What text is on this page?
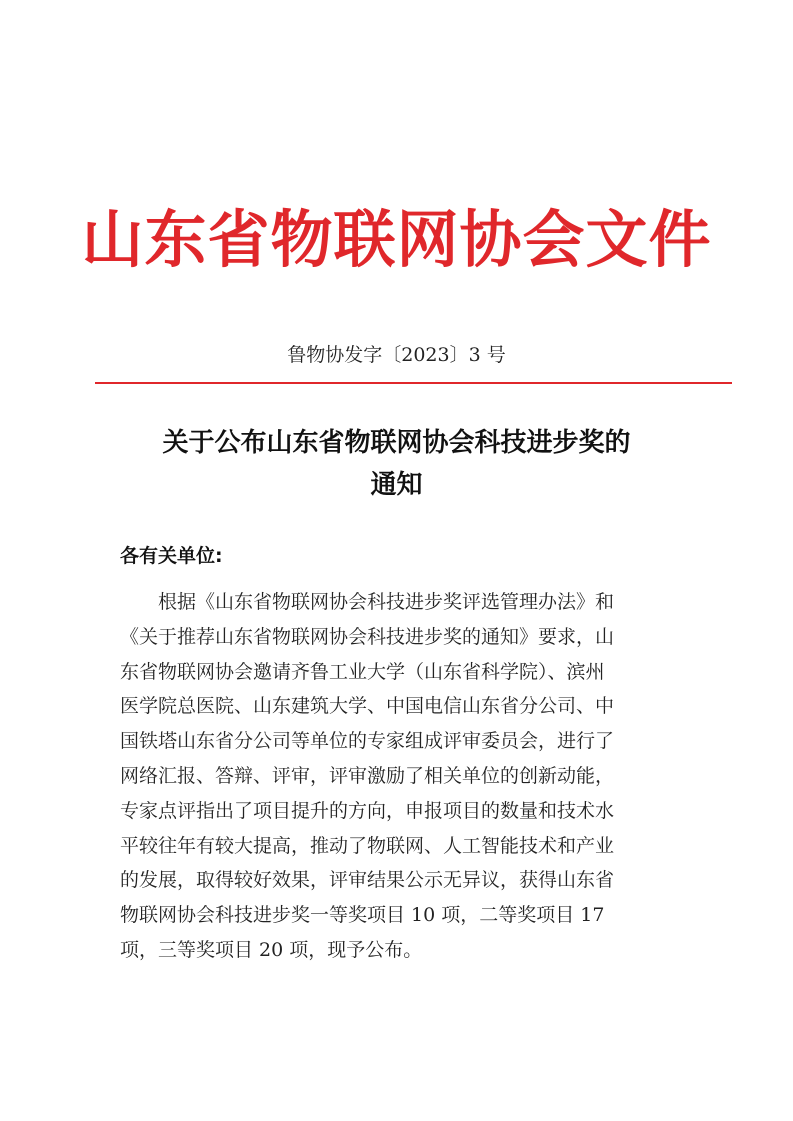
山东省物联网协会文件
鲁物协发字〔2023〕3 号
关于公布山东省物联网协会科技进步奖的
通知
各有关单位:
根据《山东省物联网协会科技进步奖评选管理办法》和
《关于推荐山东省物联网协会科技进步奖的通知》要求，山
东省物联网协会邀请齐鲁工业大学（山东省科学院）、滨州
医学院总医院、山东建筑大学、中国电信山东省分公司、中
国铁塔山东省分公司等单位的专家组成评审委员会，进行了
网络汇报、答辩、评审，评审激励了相关单位的创新动能，
专家点评指出了项目提升的方向，申报项目的数量和技术水
平较往年有较大提高，推动了物联网、人工智能技术和产业
的发展，取得较好效果，评审结果公示无异议，获得山东省
物联网协会科技进步奖一等奖项目 10 项，二等奖项目 17
项，三等奖项目 20 项，现予公布。
